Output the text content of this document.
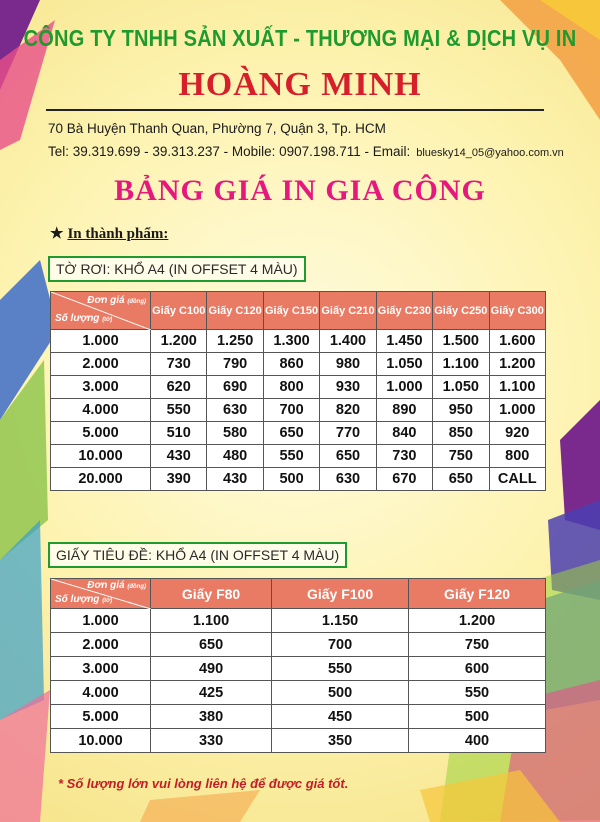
CÔNG TY TNHH SẢN XUẤT - THƯƠNG MẠI & DỊCH VỤ IN
HOÀNG MINH
70 Bà Huyện Thanh Quan, Phường 7, Quận 3, Tp. HCM
Tel: 39.319.699 - 39.313.237 - Mobile: 0907.198.711 - Email: bluesky14_05@yahoo.com.vn
BẢNG GIÁ IN GIA CÔNG
★ In thành phẩm:
TỜ RƠI: KHỔ A4 (IN OFFSET 4 MÀU)
Đơn giá (đồng)
Số lượng (tờ)	Giấy C100	Giấy C120	Giấy C150	Giấy C210	Giấy C230	Giấy C250	Giấy C300
1.000	1.200	1.250	1.300	1.400	1.450	1.500	1.600
2.000	730	790	860	980	1.050	1.100	1.200
3.000	620	690	800	930	1.000	1.050	1.100
4.000	550	630	700	820	890	950	1.000
5.000	510	580	650	770	840	850	920
10.000	430	480	550	650	730	750	800
20.000	390	430	500	630	670	650	CALL
GIẤY TIÊU ĐỀ: KHỔ A4 (IN OFFSET 4 MÀU)
Đơn giá (đồng)
Số lượng (tờ)	Giấy F80	Giấy F100	Giấy F120
1.000	1.100	1.150	1.200
2.000	650	700	750
3.000	490	550	600
4.000	425	500	550
5.000	380	450	500
10.000	330	350	400
* Số lượng lớn vui lòng liên hệ để được giá tốt.
